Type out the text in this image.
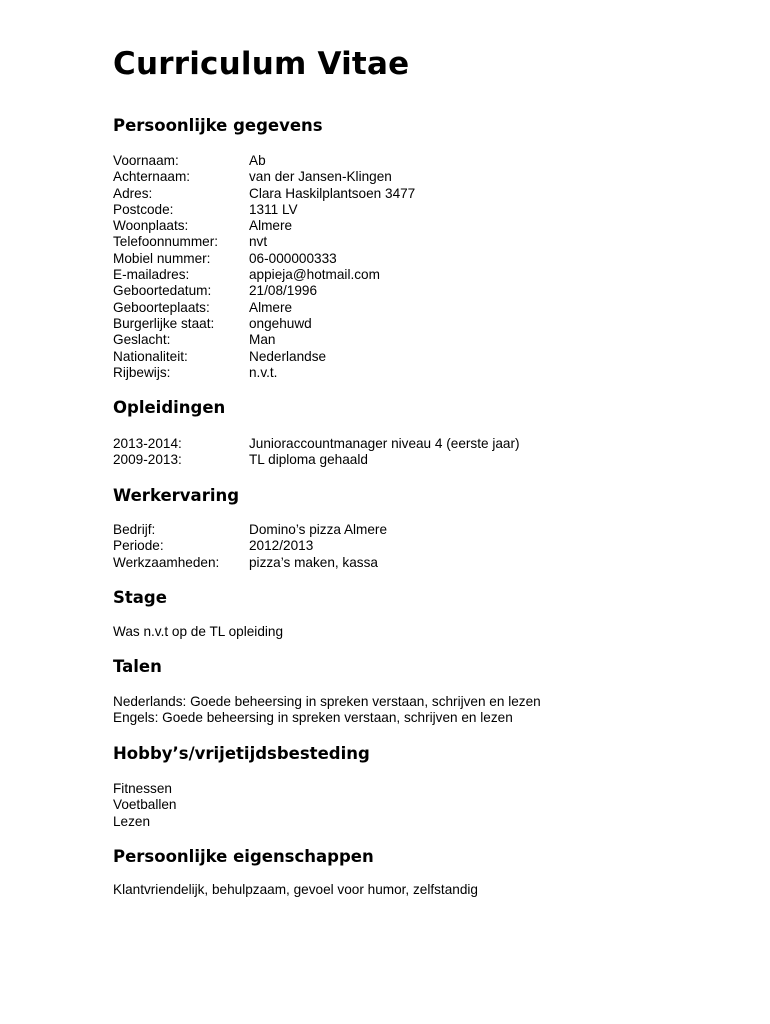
Curriculum Vitae
Persoonlijke gegevens
Voornaam:	Ab
Achternaam:	van der Jansen-Klingen
Adres:	Clara Haskilplantsoen 3477
Postcode:	1311 LV
Woonplaats:	Almere
Telefoonnummer:	nvt
Mobiel nummer:	06-000000333
E-mailadres:	appieja@hotmail.com
Geboortedatum:	21/08/1996
Geboorteplaats:	Almere
Burgerlijke staat:	ongehuwd
Geslacht:	Man
Nationaliteit:	Nederlandse
Rijbewijs:	n.v.t.
Opleidingen
2013-2014:	Junioraccountmanager niveau 4 (eerste jaar)
2009-2013:	TL diploma gehaald
Werkervaring
Bedrijf:	Domino’s pizza Almere
Periode:	2012/2013
Werkzaamheden:	pizza’s maken, kassa
Stage
Was n.v.t op de TL opleiding
Talen
Nederlands: Goede beheersing in spreken verstaan, schrijven en lezen
Engels: Goede beheersing in spreken verstaan, schrijven en lezen
Hobby’s/vrijetijdsbesteding
Fitnessen
Voetballen
Lezen
Persoonlijke eigenschappen
Klantvriendelijk, behulpzaam, gevoel voor humor, zelfstandig
